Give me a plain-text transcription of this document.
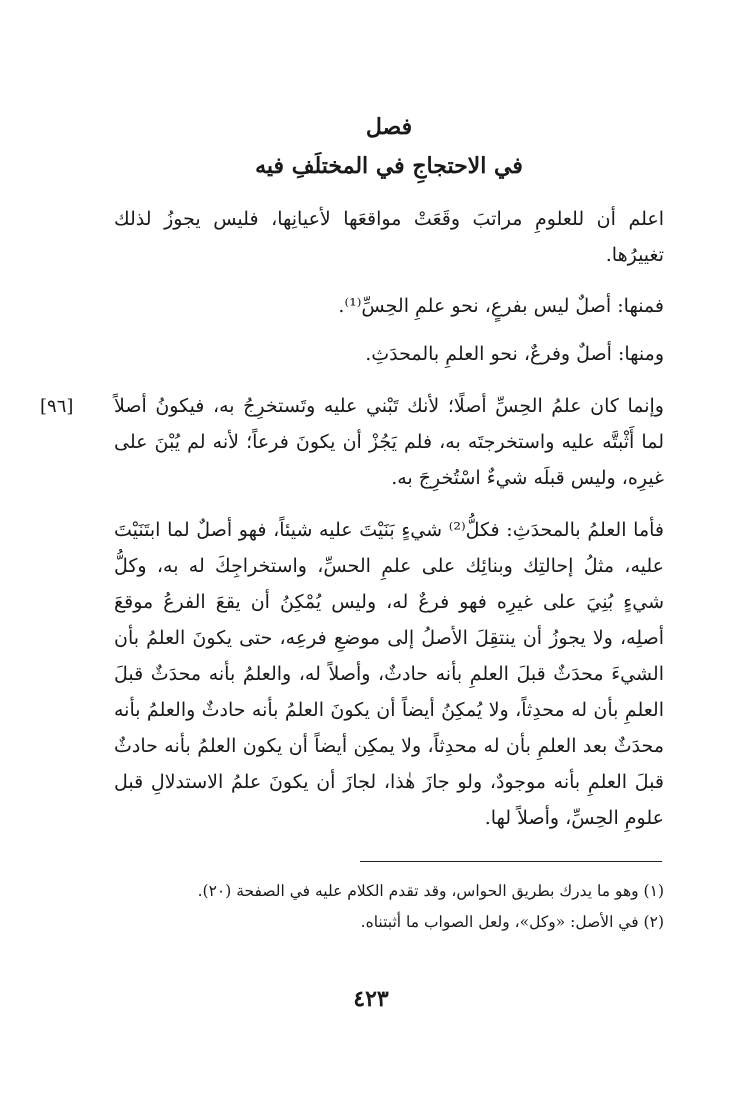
فصل
في الاحتجاجِ في المختلَفِ فيه
اعلم أن للعلومِ مراتبَ وقَعَتْ مواقعَها لأعيانِها، فليس يجوزُ لذلك تغييرُها.
فمنها: أصلٌ ليس بفرعٍ، نحو علمِ الحِسِّ⁽¹⁾.
ومنها: أصلٌ وفرعٌ، نحو العلمِ بالمحدَثِ.
[٩٦] وإنما كان علمُ الحِسِّ أصلًا؛ لأنك تَبْني عليه وتَستخرِجُ به، فيكونُ أصلاً لما أَثْبتَّه عليه واستخرجتَه به، فلم يَجُزْ أن يكونَ فرعاً؛ لأنه لم يُبْنَ على غيرِه، وليس قبلَه شيءٌ اسْتُخرِجَ به.
فأما العلمُ بالمحدَثِ: فكلُّ⁽²⁾ شيءٍ بَنَيْتَ عليه شيئاً، فهو أصلٌ لما ابتَنَيْتَ عليه، مثلُ إحالتِك وبنائِك على علمِ الحسِّ، واستخراجِكَ له به، وكلُّ شيءٍ بُنِيَ على غيرِه فهو فرعٌ له، وليس يُمْكِنُ أن يقعَ الفرعُ موقعَ أصلِه، ولا يجوزُ أن ينتقِلَ الأصلُ إلى موضعِ فرعِه، حتى يكونَ العلمُ بأن الشيءَ محدَثٌ قبلَ العلمِ بأنه حادثٌ، وأصلاً له، والعلمُ بأنه محدَثٌ قبلَ العلمِ بأن له محدِثاً، ولا يُمكِنُ أيضاً أن يكونَ العلمُ بأنه حادثٌ والعلمُ بأنه محدَثٌ بعد العلمِ بأن له محدِثاً، ولا يمكِن أيضاً أن يكون العلمُ بأنه حادثٌ قبلَ العلمِ بأنه موجودٌ، ولو جازَ هٰذا، لجازَ أن يكونَ علمُ الاستدلالِ قبل علومِ الحِسِّ، وأصلاً لها.
(١) وهو ما يدرك بطريق الحواس، وقد تقدم الكلام عليه في الصفحة (٢٠).
(٢) في الأصل: «وكل»، ولعل الصواب ما أثبتناه.
٤٢٣
